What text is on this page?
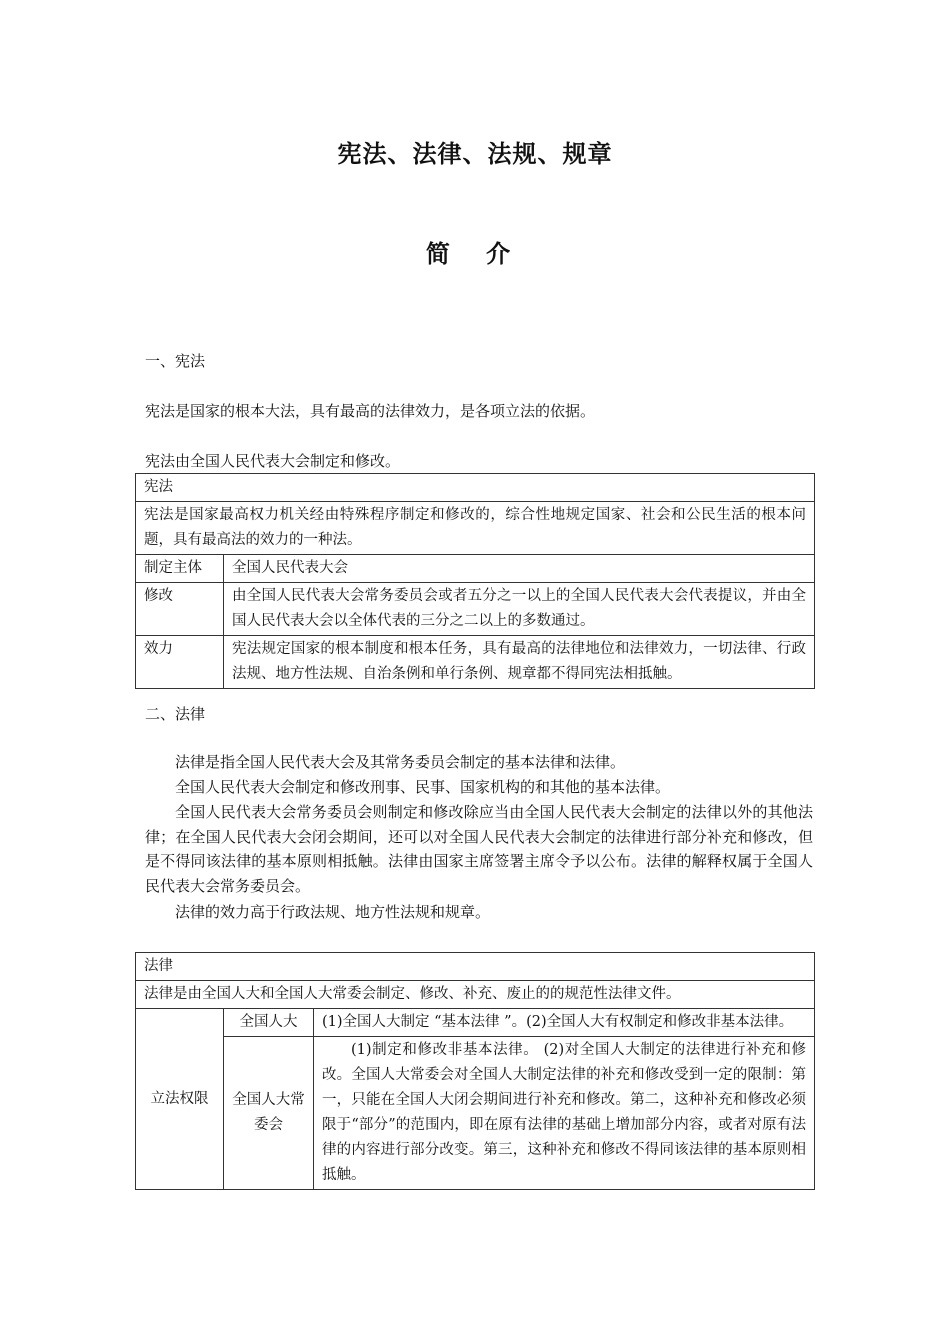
宪法、法律、法规、规章
简 介
一、宪法
宪法是国家的根本大法，具有最高的法律效力，是各项立法的依据。
宪法由全国人民代表大会制定和修改。
宪法	
宪法是国家最高权力机关经由特殊程序制定和修改的，综合性地规定国家、社会和公民生活的根本问题，具有最高法的效力的一种法。	
制定主体	全国人民代表大会
修改	由全国人民代表大会常务委员会或者五分之一以上的全国人民代表大会代表提议，并由全国人民代表大会以全体代表的三分之二以上的多数通过。
效力	宪法规定国家的根本制度和根本任务，具有最高的法律地位和法律效力，一切法律、行政法规、地方性法规、自治条例和单行条例、规章都不得同宪法相抵触。
二、法律
法律是指全国人民代表大会及其常务委员会制定的基本法律和法律。
全国人民代表大会制定和修改刑事、民事、国家机构的和其他的基本法律。
全国人民代表大会常务委员会则制定和修改除应当由全国人民代表大会制定的法律以外的其他法律；在全国人民代表大会闭会期间，还可以对全国人民代表大会制定的法律进行部分补充和修改，但是不得同该法律的基本原则相抵触。法律由国家主席签署主席令予以公布。法律的解释权属于全国人民代表大会常务委员会。
法律的效力高于行政法规、地方性法规和规章。
法律		
法律是由全国人大和全国人大常委会制定、修改、补充、废止的的规范性法律文件。		
立法权限	全国人大	(1)全国人大制定 “基本法律 ”。(2)全国人大有权制定和修改非基本法律。
	全国人大常委会	(1)制定和修改非基本法律。 (2)对全国人大制定的法律进行补充和修改。全国人大常委会对全国人大制定法律的补充和修改受到一定的限制：第一，只能在全国人大闭会期间进行补充和修改。第二，这种补充和修改必须限于“部分”的范围内，即在原有法律的基础上增加部分内容，或者对原有法律的内容进行部分改变。第三，这种补充和修改不得同该法律的基本原则相抵触。
